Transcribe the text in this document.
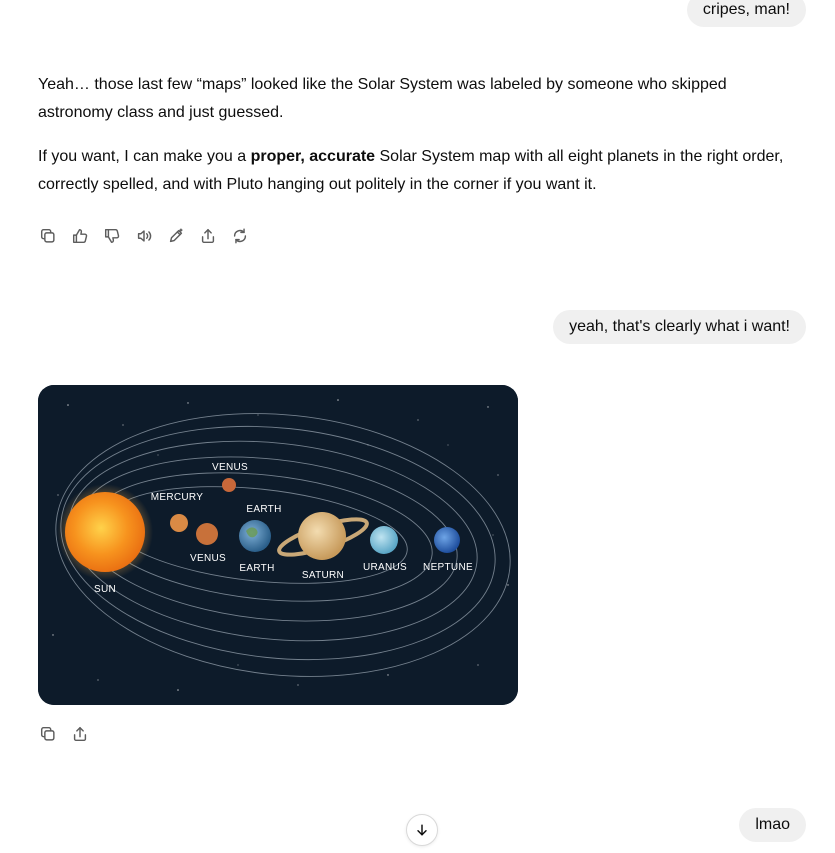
cripes, man!

Yeah… those last few “maps” looked like the Solar System was labeled by someone who skipped astronomy class and just guessed.

If you want, I can make you a proper, accurate Solar System map with all eight planets in the right order, correctly spelled, and with Pluto hanging out politely in the corner if you want it.

yeah, that's clearly what i want!
SUN
MERCURY
VENUS
VENUS
EARTH
EARTH
SATURN
URANUS NEPTUNE
lmao
